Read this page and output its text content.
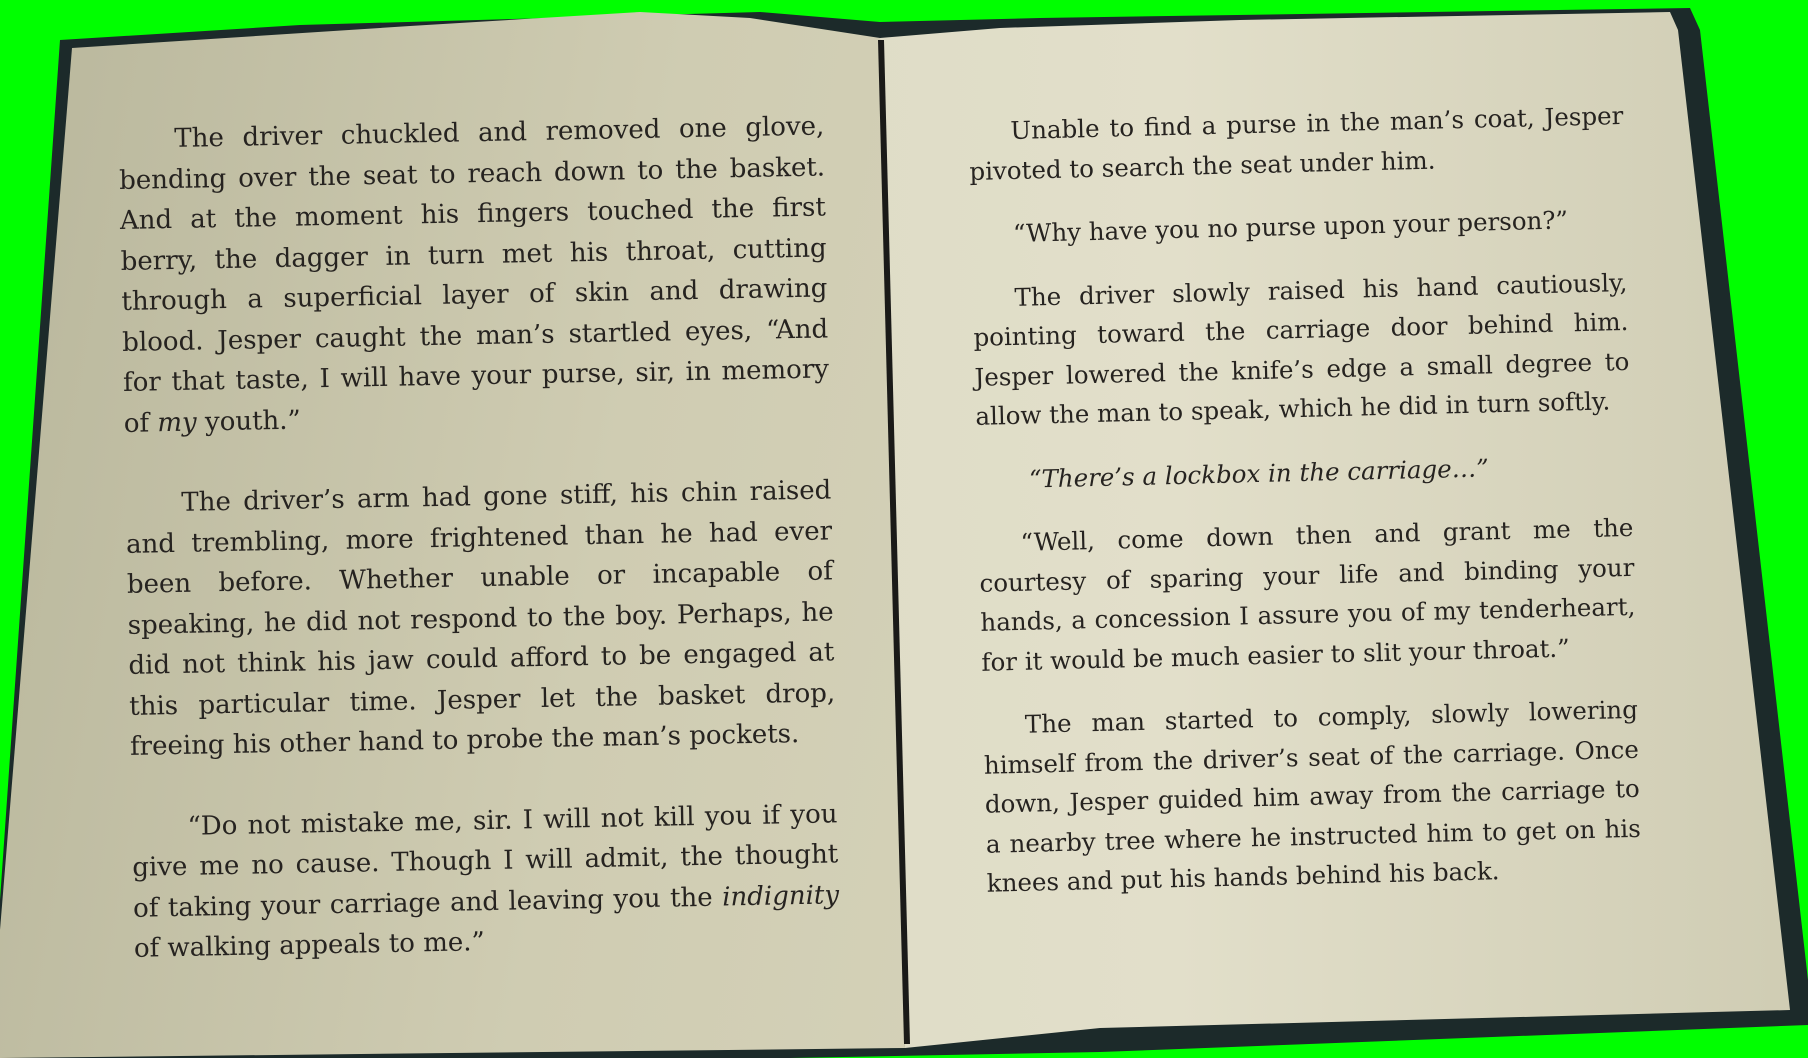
The driver chuckled and removed one glove, bending over the seat to reach down to the basket. And at the moment his fingers touched the first berry, the dagger in turn met his throat, cutting through a superficial layer of skin and drawing blood. Jesper caught the man’s startled eyes, “And for that taste, I will have your purse, sir, in memory of my youth.”

The driver’s arm had gone stiff, his chin raised and trembling, more frightened than he had ever been before. Whether unable or incapable of speaking, he did not respond to the boy. Perhaps, he did not think his jaw could afford to be engaged at this particular time. Jesper let the basket drop, freeing his other hand to probe the man’s pockets.

“Do not mistake me, sir. I will not kill you if you give me no cause. Though I will admit, the thought of taking your carriage and leaving you the indignity of walking appeals to me.”

Unable to find a purse in the man’s coat, Jesper pivoted to search the seat under him.

“Why have you no purse upon your person?”

The driver slowly raised his hand cautiously, pointing toward the carriage door behind him. Jesper lowered the knife’s edge a small degree to allow the man to speak, which he did in turn softly.

“There’s a lockbox in the carriage…”

“Well, come down then and grant me the courtesy of sparing your life and binding your hands, a concession I assure you of my tenderheart, for it would be much easier to slit your throat.”

The man started to comply, slowly lowering himself from the driver’s seat of the carriage. Once down, Jesper guided him away from the carriage to a nearby tree where he instructed him to get on his knees and put his hands behind his back.
